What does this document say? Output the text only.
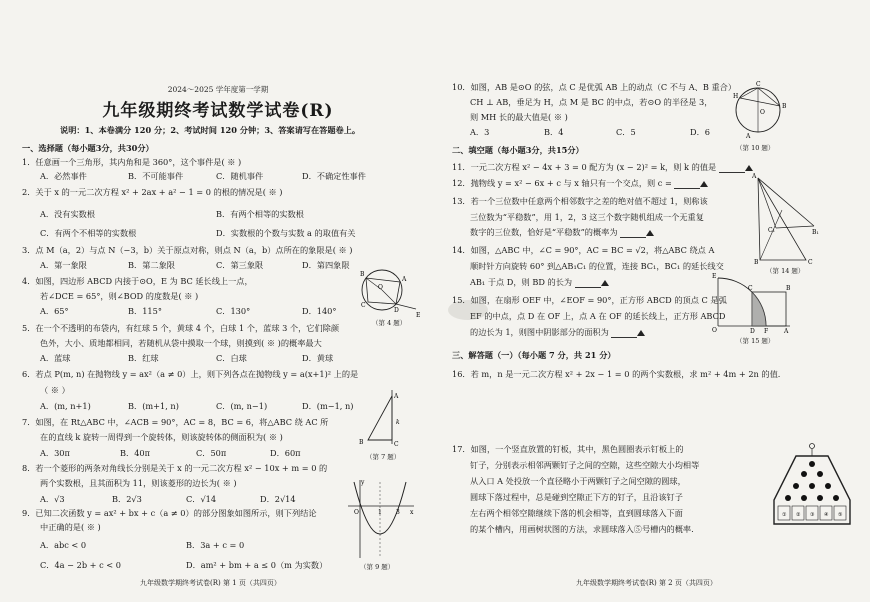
2024～2025 学年度第一学期
九年级期终考试数学试卷(R)
说明：1、本卷满分 120 分；2、考试时间 120 分钟；3、答案请写在答题卷上。
一、选择题（每小题3分，共30分）
1．任意画一个三角形，其内角和是 360°，这个事件是( ※ )
A．必然事件	B．不可能事件	C．随机事件	D．不确定性事件
2．关于 x 的一元二次方程 x² + 2ax + a² − 1 = 0 的根的情况是( ※ )
A．没有实数根	B．有两个相等的实数根
C．有两个不相等的实数根	D．实数根的个数与实数 a 的取值有关
3．点 M（a，2）与点 N（−3，b）关于原点对称，则点 N（a，b）点所在的象限是( ※ )
A．第一象限	B．第二象限	C．第三象限	D．第四象限
4．如图，四边形 ABCD 内接于⊙O，E 为 BC 延长线上一点，
若∠DCE = 65°，则∠BOD 的度数是( ※ )
A．65°	B．115°	C．130°	D．140°
O
A
B
C
D
E
（第 4 题）
5．在一个不透明的布袋内，有红球 5 个，黄球 4 个，白球 1 个，蓝球 3 个，它们除颜
色外，大小、质地都相同，若随机从袋中摸取一个球，则摸到( ※ )的概率最大
A．蓝球	B．红球	C．白球	D．黄球
6．若点 P(m, n) 在抛物线 y = ax²（a ≠ 0）上，则下列各点在抛物线 y = a(x+1)² 上的是
（ ※ ）
A．(m, n+1)	B．(m+1, n)	C．(m, n−1)	D．(m−1, n)
7．如图，在 Rt△ABC 中，∠ACB = 90°，AC = 8，BC = 6，将△ABC 绕 AC 所
在的直线 k 旋转一周得到一个旋转体，则该旋转体的侧面积为( ※ )
A．30π	B．40π	C．50π	D．60π
A
B	C
k
（第 7 题）
8．若一个菱形的两条对角线长分别是关于 x 的一元二次方程 x² − 10x + m = 0 的
两个实数根，且其面积为 11，则该菱形的边长为( ※ )
A．√3	B．2√3	C．√14	D．2√14
9．已知二次函数 y = ax² + bx + c（a ≠ 0）的部分图象如图所示，则下列结论
中正确的是( ※ )
A．abc < 0	B．3a + c = 0
C．4a − 2b + c < 0	D．am² + bm + a ≤ 0（m 为实数）
y
x
O	1 3
（第 9 题）
九年级数学期终考试卷(R) 第 1 页（共四页）
10．如图，AB 是⊙O 的弦，点 C 是优弧 AB 上的动点（C 不与 A、B 重合）
CH ⊥ AB，垂足为 H，点 M 是 BC 的中点，若⊙O 的半径是 3，
则 MH 长的最大值是( ※ )
A．3	B．4	C．5	D．6
C
H
B
O
A
（第 10 题）
二、填空题（每小题3分，共15分）
11．一元二次方程 x² − 4x + 3 = 0 配方为 (x − 2)² = k，则 k 的值是
12．抛物线 y = x² − 6x + c 与 x 轴只有一个交点，则 c =
13．若一个三位数中任意两个相邻数字之差的绝对值不超过 1，则称该
三位数为“平稳数”，用 1，2，3 这三个数字随机组成一个无重复
数字的三位数，恰好是“平稳数”的概率为
A
C₁	B₁
B	C
（第 14 题）
14．如图，△ABC 中，∠C = 90°，AC = BC = √2，将△ABC 绕点 A
顺时针方向旋转 60° 到△AB₁C₁ 的位置，连接 BC₁，BC₁ 的延长线交
AB₁ 于点 D，则 BD 的长为
15．如图，在扇形 OEF 中，∠EOF = 90°，正方形 ABCD 的顶点 C 是弧
EF 的中点，点 D 在 OF 上，点 A 在 OF 的延长线上，正方形 ABCD
的边长为 1，则图中阴影部分的面积为
E
O	D F	A
C	B
（第 15 题）
三、解答题（一）（每小题 7 分，共 21 分）
16．若 m，n 是一元二次方程 x² + 2x − 1 = 0 的两个实数根，求 m² + 4m + 2n 的值.
17．如图，一个竖直放置的钉板，其中，黑色圆圈表示钉板上的
钉子，分别表示相邻两颗钉子之间的空隙，这些空隙大小均相等
从入口 A 处投放一个直径略小于两颗钉子之间空隙的圆球，
圆球下落过程中，总是碰到空隙正下方的钉子，且沿该钉子
左右两个相邻空隙继续下落的机会相等，直到圆球落入下面
的某个槽内，用画树状图的方法，求圆球落入⑤号槽内的概率.
① ② ③ ④ ⑤
九年级数学期终考试卷(R) 第 2 页（共四页）
